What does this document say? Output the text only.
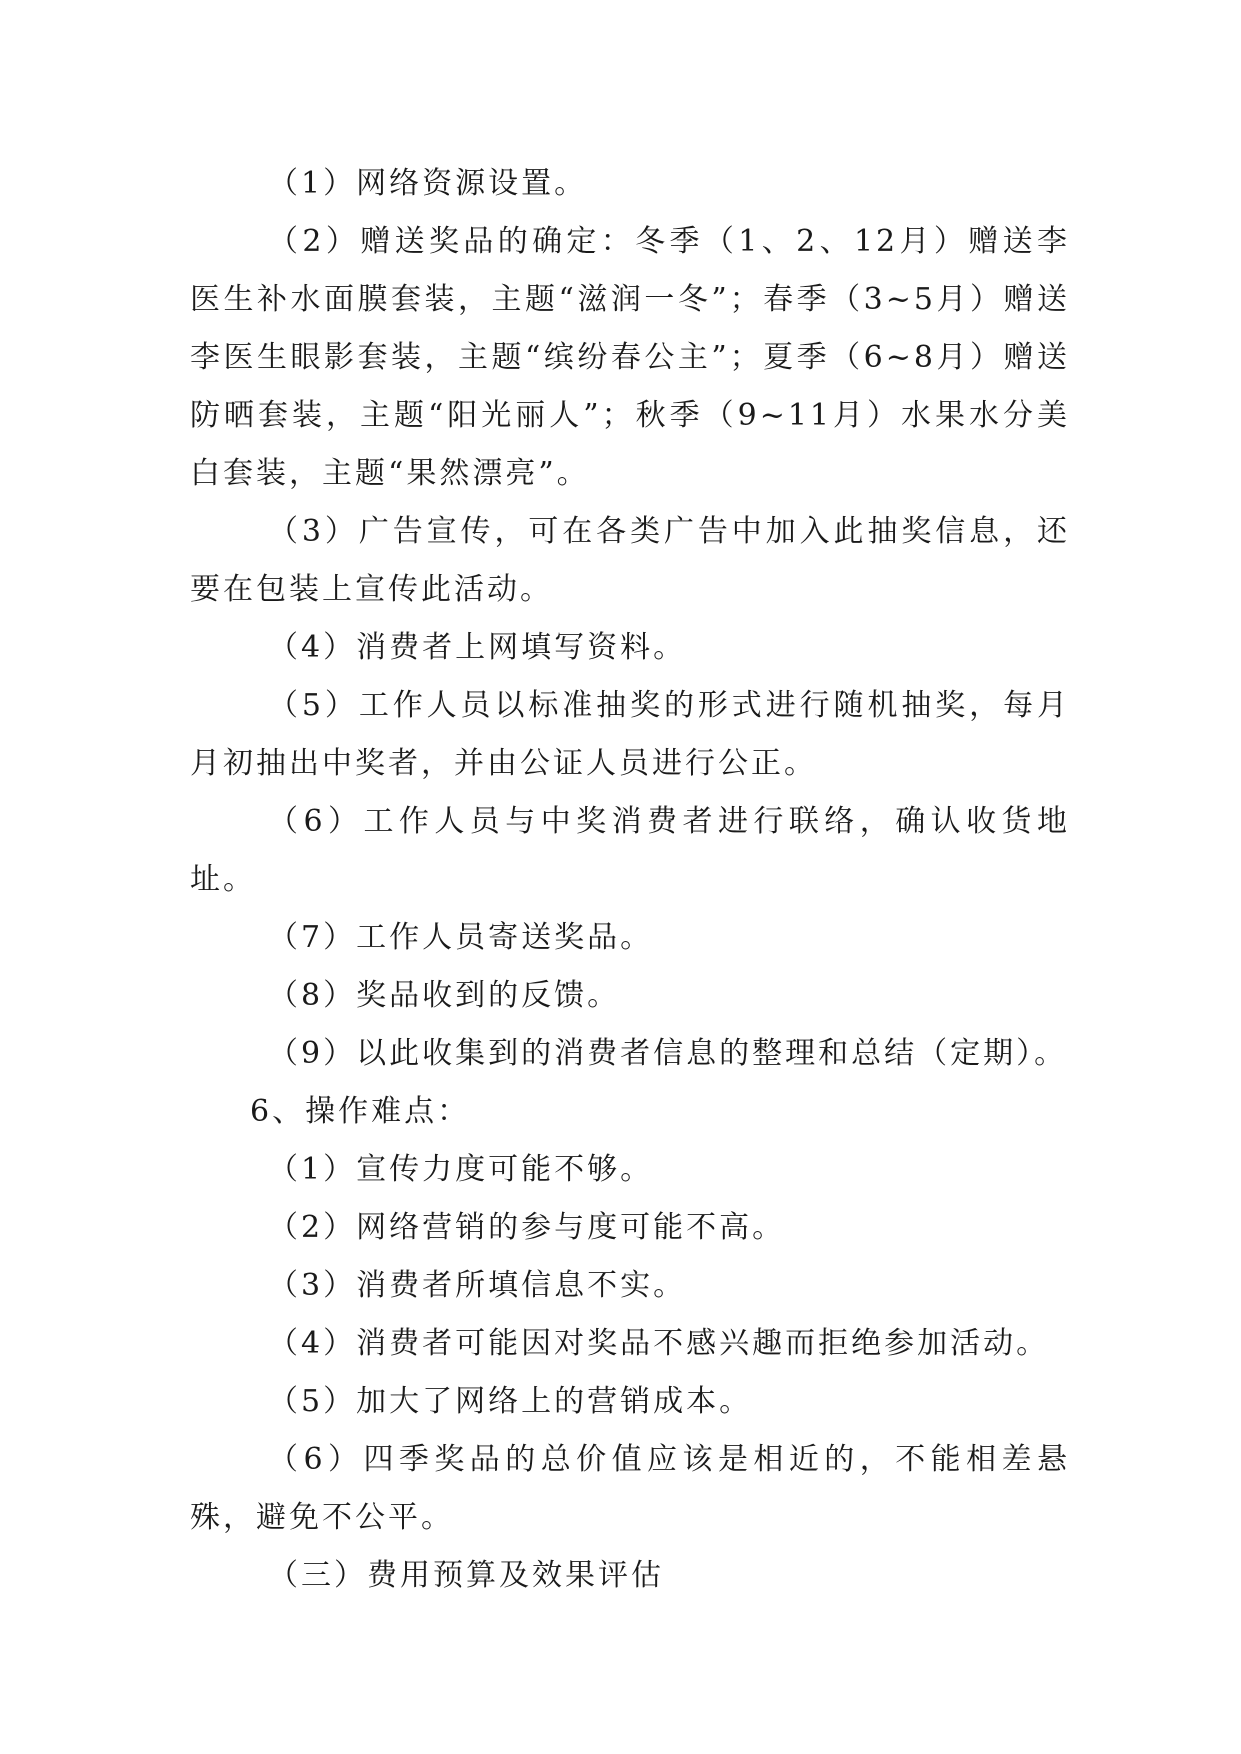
（1）网络资源设置。

（2）赠送奖品的确定：冬季（1、2、12月）赠送李医生补水面膜套装，主题“滋润一冬”；春季（3~5月）赠送李医生眼影套装，主题“缤纷春公主”；夏季（6~8月）赠送防晒套装，主题“阳光丽人”；秋季（9~11月）水果水分美白套装，主题“果然漂亮”。

（3）广告宣传，可在各类广告中加入此抽奖信息，还要在包装上宣传此活动。

（4）消费者上网填写资料。

（5）工作人员以标准抽奖的形式进行随机抽奖，每月月初抽出中奖者，并由公证人员进行公正。

（6）工作人员与中奖消费者进行联络，确认收货地址。

（7）工作人员寄送奖品。

（8）奖品收到的反馈。

（9）以此收集到的消费者信息的整理和总结（定期）。

6、操作难点：

（1）宣传力度可能不够。

（2）网络营销的参与度可能不高。

（3）消费者所填信息不实。

（4）消费者可能因对奖品不感兴趣而拒绝参加活动。

（5）加大了网络上的营销成本。

（6）四季奖品的总价值应该是相近的，不能相差悬殊，避免不公平。

（三）费用预算及效果评估
